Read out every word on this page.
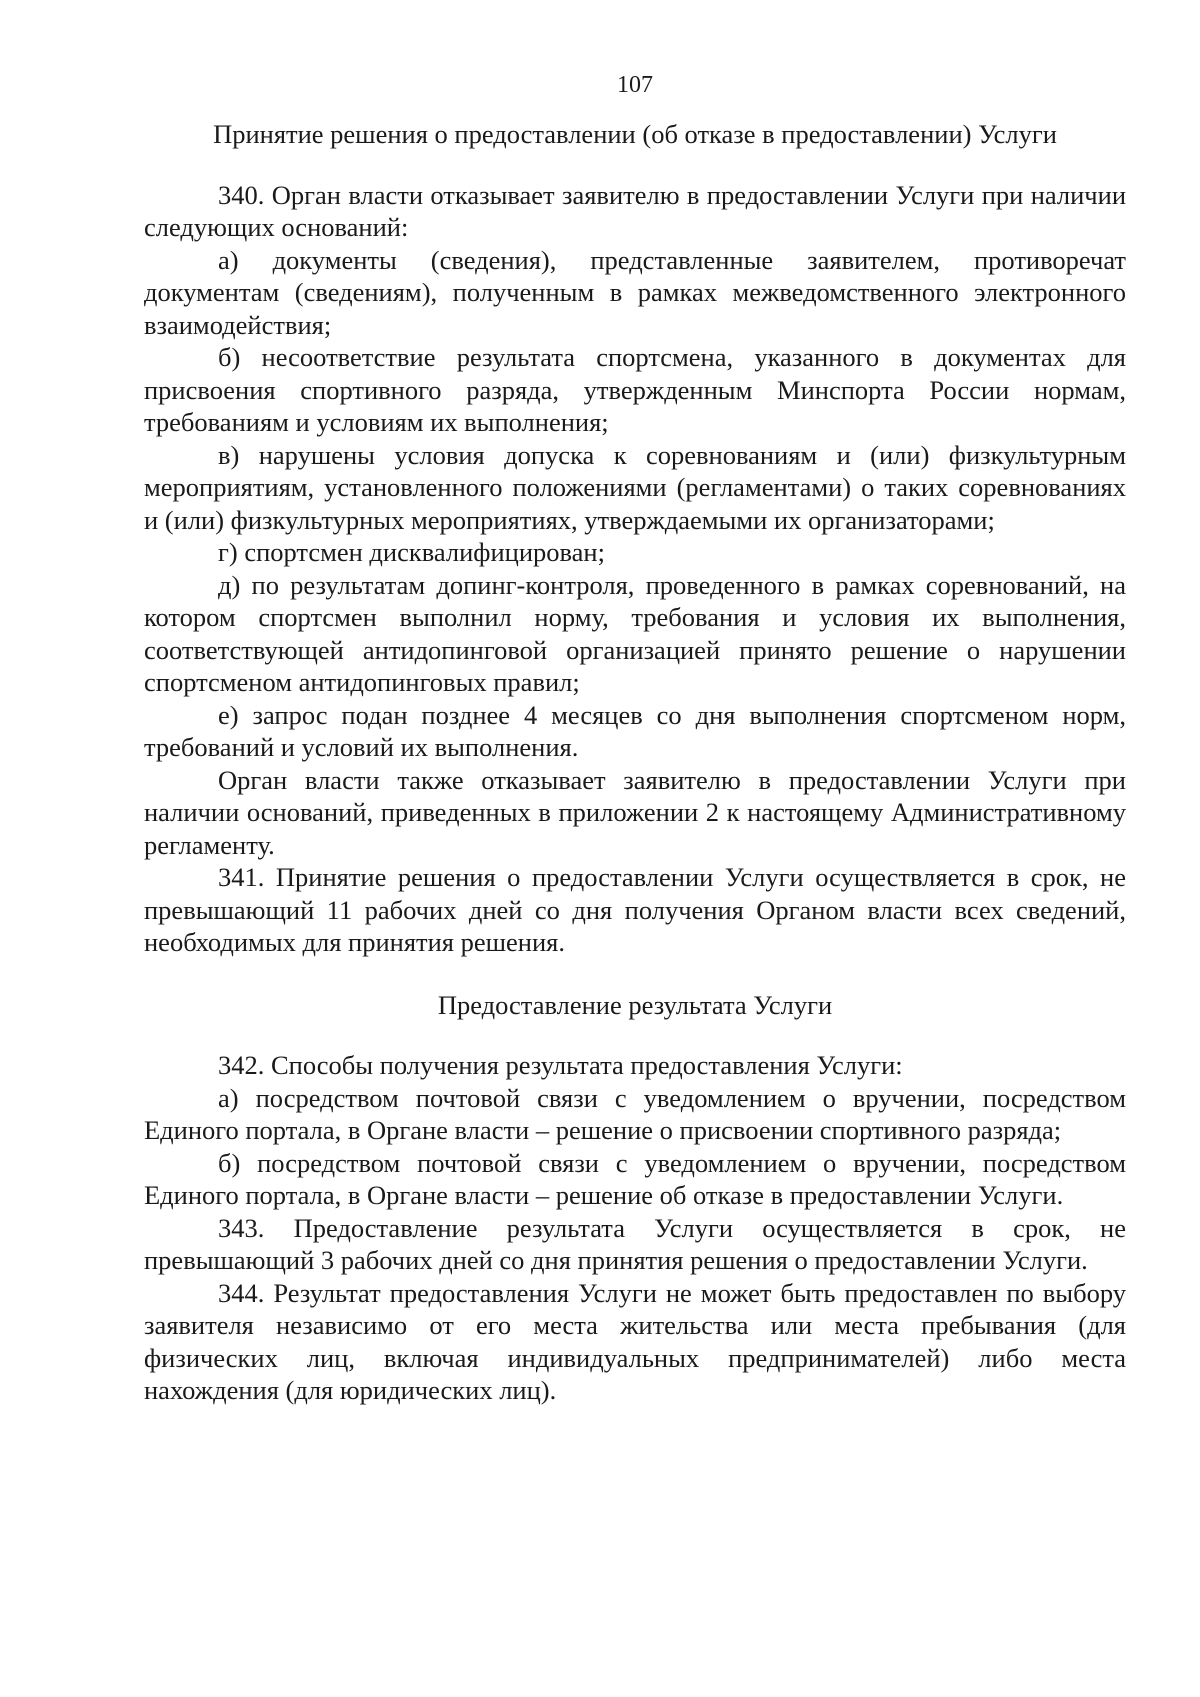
107

Принятие решения о предоставлении (об отказе в предоставлении) Услуги

340. Орган власти отказывает заявителю в предоставлении Услуги при наличии следующих оснований:

а) документы (сведения), представленные заявителем, противоречат документам (сведениям), полученным в рамках межведомственного электронного взаимодействия;

б) несоответствие результата спортсмена, указанного в документах для присвоения спортивного разряда, утвержденным Минспорта России нормам, требованиям и условиям их выполнения;

в) нарушены условия допуска к соревнованиям и (или) физкультурным мероприятиям, установленного положениями (регламентами) о таких соревнованиях и (или) физкультурных мероприятиях, утверждаемыми их организаторами;

г) спортсмен дисквалифицирован;

д) по результатам допинг-контроля, проведенного в рамках соревнований, на котором спортсмен выполнил норму, требования и условия их выполнения, соответствующей антидопинговой организацией принято решение о нарушении спортсменом антидопинговых правил;

е) запрос подан позднее 4 месяцев со дня выполнения спортсменом норм, требований и условий их выполнения.

Орган власти также отказывает заявителю в предоставлении Услуги при наличии оснований, приведенных в приложении 2 к настоящему Административному регламенту.

341. Принятие решения о предоставлении Услуги осуществляется в срок, не превышающий 11 рабочих дней со дня получения Органом власти всех сведений, необходимых для принятия решения.

Предоставление результата Услуги

342. Способы получения результата предоставления Услуги:

а) посредством почтовой связи с уведомлением о вручении, посредством Единого портала, в Органе власти – решение о присвоении спортивного разряда;

б) посредством почтовой связи с уведомлением о вручении, посредством Единого портала, в Органе власти – решение об отказе в предоставлении Услуги.

343. Предоставление результата Услуги осуществляется в срок, не превышающий 3 рабочих дней со дня принятия решения о предоставлении Услуги.

344. Результат предоставления Услуги не может быть предоставлен по выбору заявителя независимо от его места жительства или места пребывания (для физических лиц, включая индивидуальных предпринимателей) либо места нахождения (для юридических лиц).
